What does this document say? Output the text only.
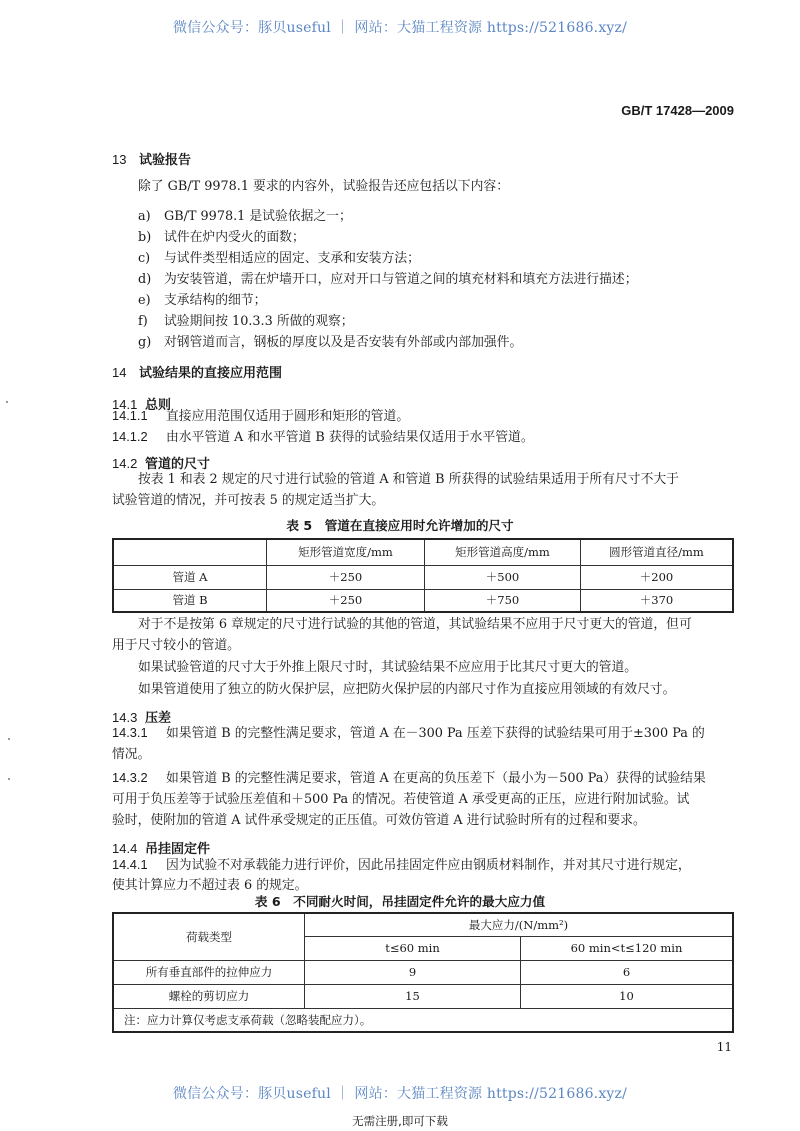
微信公众号：豚贝useful ｜ 网站：大猫工程资源 https://521686.xyz/
GB/T 17428—2009
13 试验报告
除了 GB/T 9978.1 要求的内容外，试验报告还应包括以下内容：
a) GB/T 9978.1 是试验依据之一；
b) 试件在炉内受火的面数；
c) 与试件类型相适应的固定、支承和安装方法；
d) 为安装管道，需在炉墙开口，应对开口与管道之间的填充材料和填充方法进行描述；
e) 支承结构的细节；
f) 试验期间按 10.3.3 所做的观察；
g) 对钢管道而言，钢板的厚度以及是否安装有外部或内部加强件。
14 试验结果的直接应用范围
14.1 总则
14.1.1 直接应用范围仅适用于圆形和矩形的管道。
14.1.2 由水平管道 A 和水平管道 B 获得的试验结果仅适用于水平管道。
14.2 管道的尺寸
按表 1 和表 2 规定的尺寸进行试验的管道 A 和管道 B 所获得的试验结果适用于所有尺寸不大于
试验管道的情况，并可按表 5 的规定适当扩大。
表 5　管道在直接应用时允许增加的尺寸
	矩形管道宽度/mm	矩形管道高度/mm	圆形管道直径/mm
管道 A	＋250	＋500	＋200
管道 B	＋250	＋750	＋370
对于不是按第 6 章规定的尺寸进行试验的其他的管道，其试验结果不应用于尺寸更大的管道，但可
用于尺寸较小的管道。
如果试验管道的尺寸大于外推上限尺寸时，其试验结果不应应用于比其尺寸更大的管道。
如果管道使用了独立的防火保护层，应把防火保护层的内部尺寸作为直接应用领域的有效尺寸。
14.3 压差
14.3.1 如果管道 B 的完整性满足要求，管道 A 在－300 Pa 压差下获得的试验结果可用于±300 Pa 的
情况。
14.3.2 如果管道 B 的完整性满足要求，管道 A 在更高的负压差下（最小为－500 Pa）获得的试验结果
可用于负压差等于试验压差值和＋500 Pa 的情况。若使管道 A 承受更高的正压，应进行附加试验。试
验时，使附加的管道 A 试件承受规定的正压值。可效仿管道 A 进行试验时所有的过程和要求。
14.4 吊挂固定件
14.4.1 因为试验不对承载能力进行评价，因此吊挂固定件应由钢质材料制作，并对其尺寸进行规定，
使其计算应力不超过表 6 的规定。
表 6　不同耐火时间，吊挂固定件允许的最大应力值
荷载类型	最大应力/(N/mm²)	
	t≤60 min	60 min<t≤120 min
所有垂直部件的拉伸应力	9	6
螺栓的剪切应力	15	10
注：应力计算仅考虑支承荷载（忽略装配应力）。		
11
微信公众号：豚贝useful ｜ 网站：大猫工程资源 https://521686.xyz/
无需注册,即可下载
